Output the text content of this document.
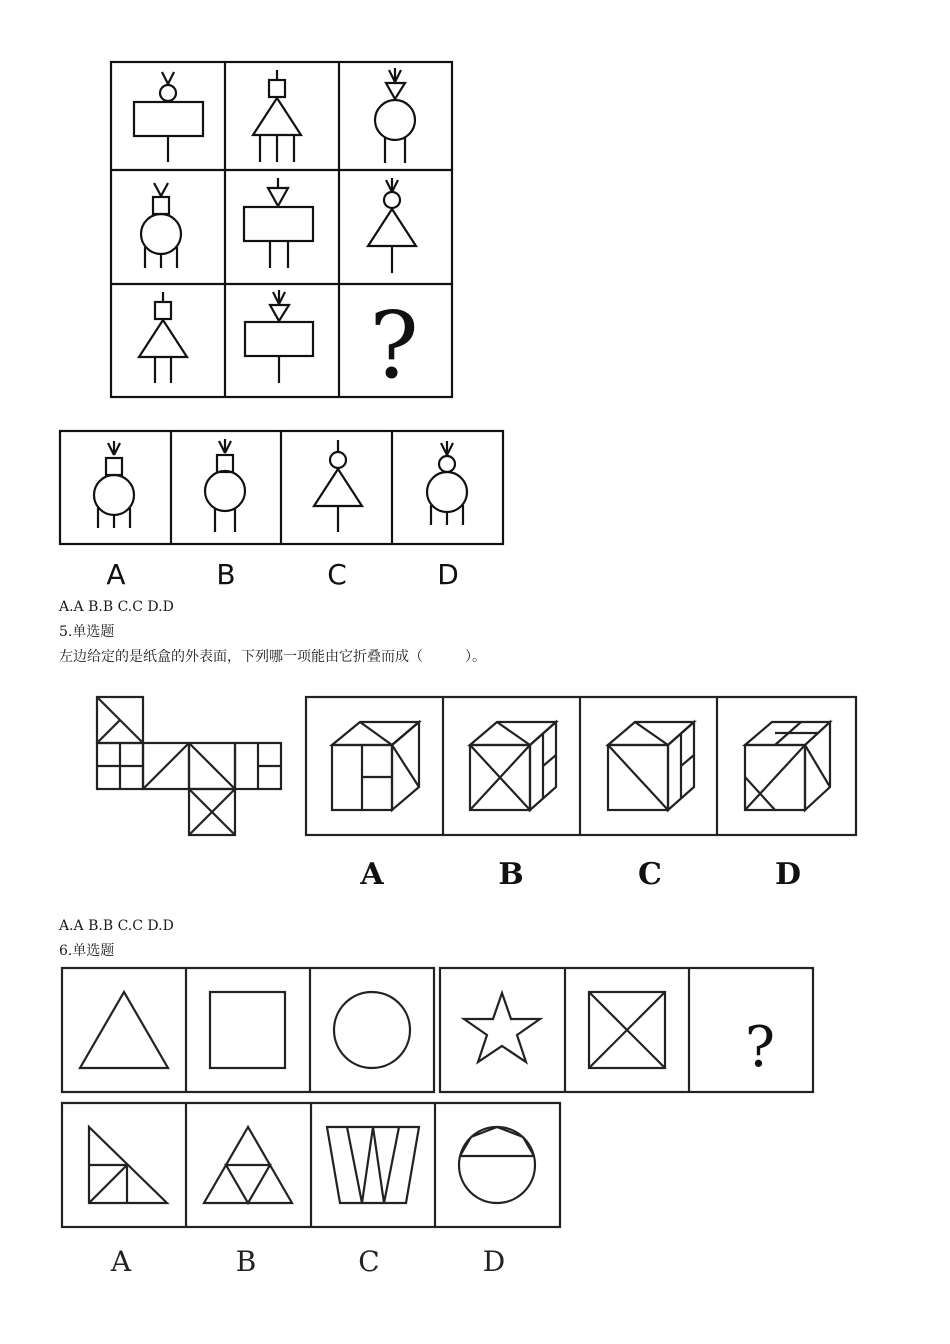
?
A	B	C	D
A.A B.B C.C D.D
5.单选题
左边给定的是纸盒的外表面，下列哪一项能由它折叠而成（　　　）。
A	B	C	D
A.A B.B C.C D.D
6.单选题
?
A	B	C	D
